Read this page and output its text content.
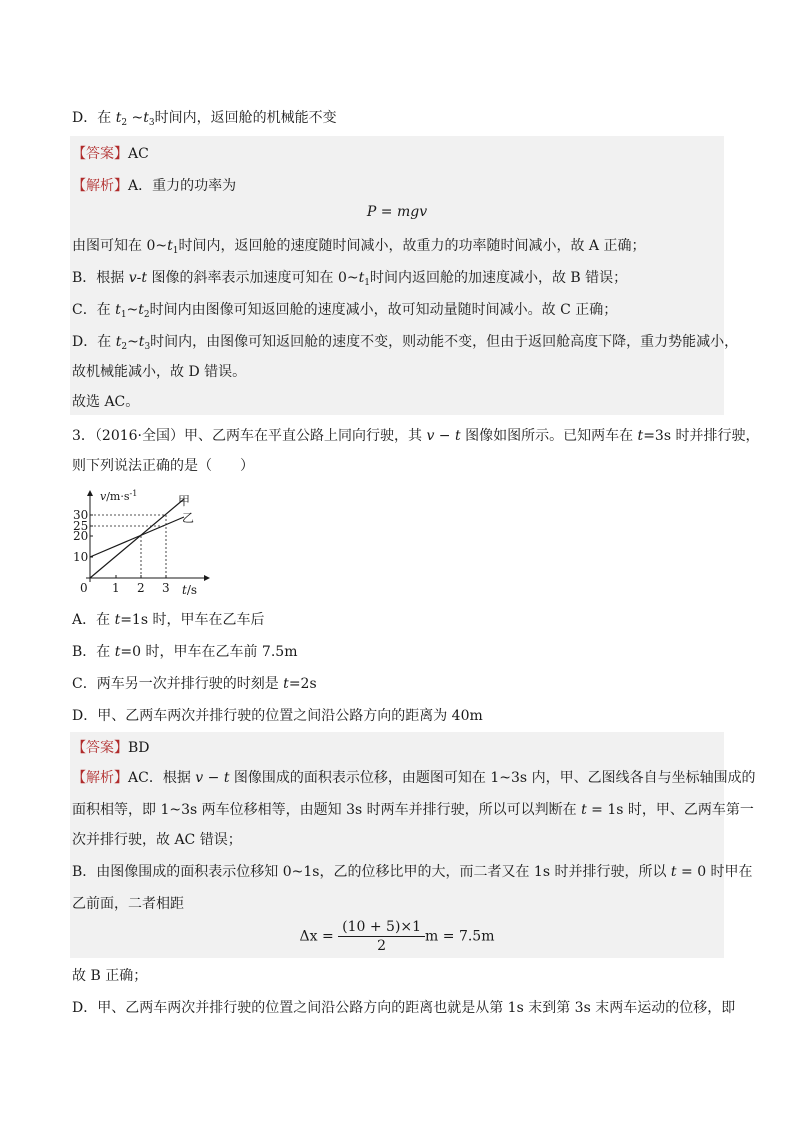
D．在 $t_2$ $\sim t_3$时间内，返回舱的机械能不变
【答案】AC
【解析】A．重力的功率为
P = mgv
由图可知在 $0\sim t_1$时间内，返回舱的速度随时间减小，故重力的功率随时间减小，故 A 正确；
B．根据 v-t 图像的斜率表示加速度可知在 $0\sim t_1$时间内返回舱的加速度减小，故 B 错误；
C．在 $t_1\sim t_2$时间内由图像可知返回舱的速度减小，故可知动量随时间减小。故 C 正确；
D．在 $t_2\sim t_3$时间内，由图像可知返回舱的速度不变，则动能不变，但由于返回舱高度下降，重力势能减小，
故机械能减小，故 D 错误。
故选 AC。
3．（2016·全国）甲、乙两车在平直公路上同向行驶，其 v − t 图像如图所示。已知两车在 t=3s 时并排行驶，
则下列说法正确的是（　　）
甲
乙
$v/m\cdot s^{-1}$
t/s
0 1 2 3
10
20
25
30
A．在 t=1s 时，甲车在乙车后
B．在 t=0 时，甲车在乙车前 7.5m
C．两车另一次并排行驶的时刻是 t=2s
D．甲、乙两车两次并排行驶的位置之间沿公路方向的距离为 40m
【答案】BD
【解析】AC．根据 v − t 图像围成的面积表示位移，由题图可知在 1~3s 内，甲、乙图线各自与坐标轴围成的
面积相等，即 1~3s 两车位移相等，由题知 3s 时两车并排行驶，所以可以判断在 t = 1s 时，甲、乙两车第一
次并排行驶，故 AC 错误；
B．由图像围成的面积表示位移知 0~1s，乙的位移比甲的大，而二者又在 1s 时并排行驶，所以 t = 0 时甲在
乙前面，二者相距
$\Delta x = \frac{(10 + 5)\times 1}{2}$ m = 7.5m
故 B 正确；
D．甲、乙两车两次并排行驶的位置之间沿公路方向的距离也就是从第 1s 末到第 3s 末两车运动的位移，即
